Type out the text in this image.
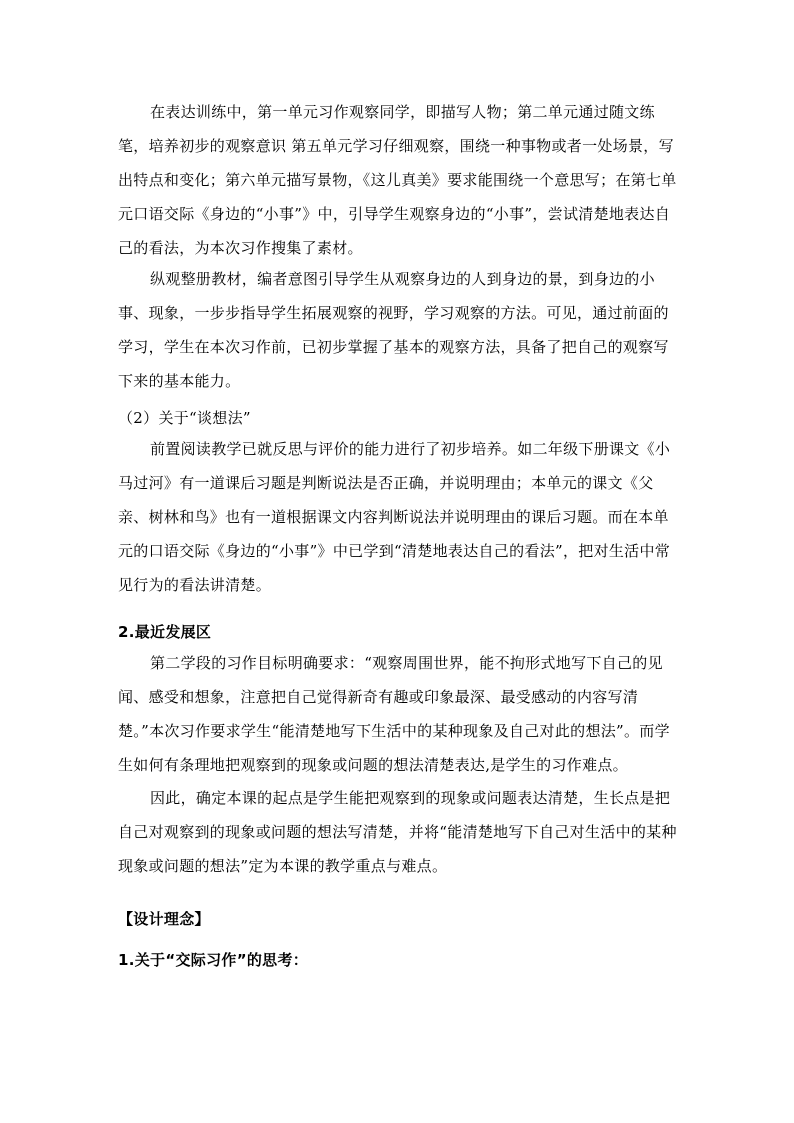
在表达训练中，第一单元习作观察同学，即描写人物；第二单元通过随文练笔，培养初步的观察意识 第五单元学习仔细观察，围绕一种事物或者一处场景，写出特点和变化；第六单元描写景物，《这儿真美》要求能围绕一个意思写；在第七单元口语交际《身边的“小事”》中，引导学生观察身边的“小事”，尝试清楚地表达自己的看法，为本次习作搜集了素材。

纵观整册教材，编者意图引导学生从观察身边的人到身边的景，到身边的小事、现象，一步步指导学生拓展观察的视野，学习观察的方法。可见，通过前面的学习，学生在本次习作前，已初步掌握了基本的观察方法，具备了把自己的观察写下来的基本能力。

（2）关于“谈想法”

前置阅读教学已就反思与评价的能力进行了初步培养。如二年级下册课文《小马过河》有一道课后习题是判断说法是否正确，并说明理由；本单元的课文《父亲、树林和鸟》也有一道根据课文内容判断说法并说明理由的课后习题。而在本单元的口语交际《身边的“小事”》中已学到“清楚地表达自己的看法”，把对生活中常见行为的看法讲清楚。

2.最近发展区

第二学段的习作目标明确要求：“观察周围世界，能不拘形式地写下自己的见闻、感受和想象，注意把自己觉得新奇有趣或印象最深、最受感动的内容写清楚。”本次习作要求学生“能清楚地写下生活中的某种现象及自己对此的想法”。而学生如何有条理地把观察到的现象或问题的想法清楚表达,是学生的习作难点。

因此，确定本课的起点是学生能把观察到的现象或问题表达清楚，生长点是把自己对观察到的现象或问题的想法写清楚，并将“能清楚地写下自己对生活中的某种现象或问题的想法”定为本课的教学重点与难点。

【设计理念】

1.关于“交际习作”的思考：
